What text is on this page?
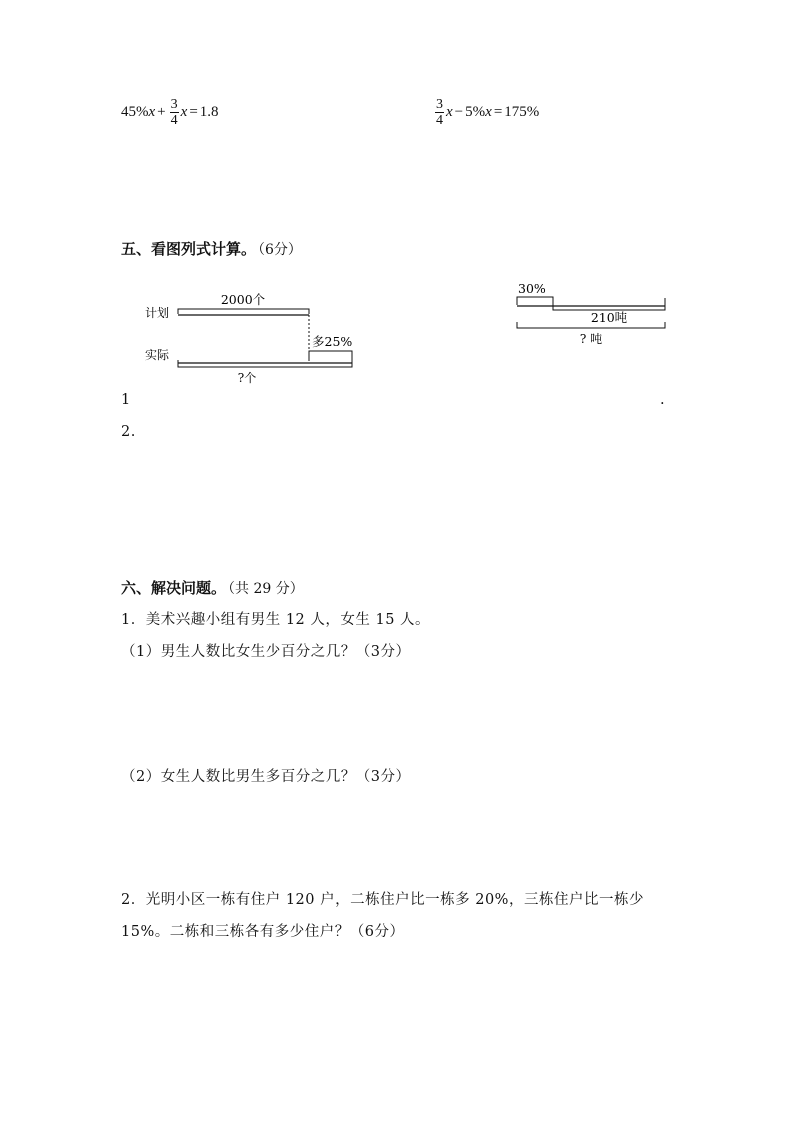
45% $x + \frac{3}{4}$ x = 1.8	$\frac{3}{4}$ x − 5% x = 175%
五、看图列式计算。 （6分）
计划
实际
2000个
多25%
?个
30%
210吨
? 吨
1	.
2.
六、解决问题。 （共 29 分）
1．美术兴趣小组有男生 12 人，女生 15 人。
（1）男生人数比女生少百分之几？（3分）
（2）女生人数比男生多百分之几？（3分）
2．光明小区一栋有住户 120 户，二栋住户比一栋多 20%，三栋住户比一栋少
15%。二栋和三栋各有多少住户？（6分）
